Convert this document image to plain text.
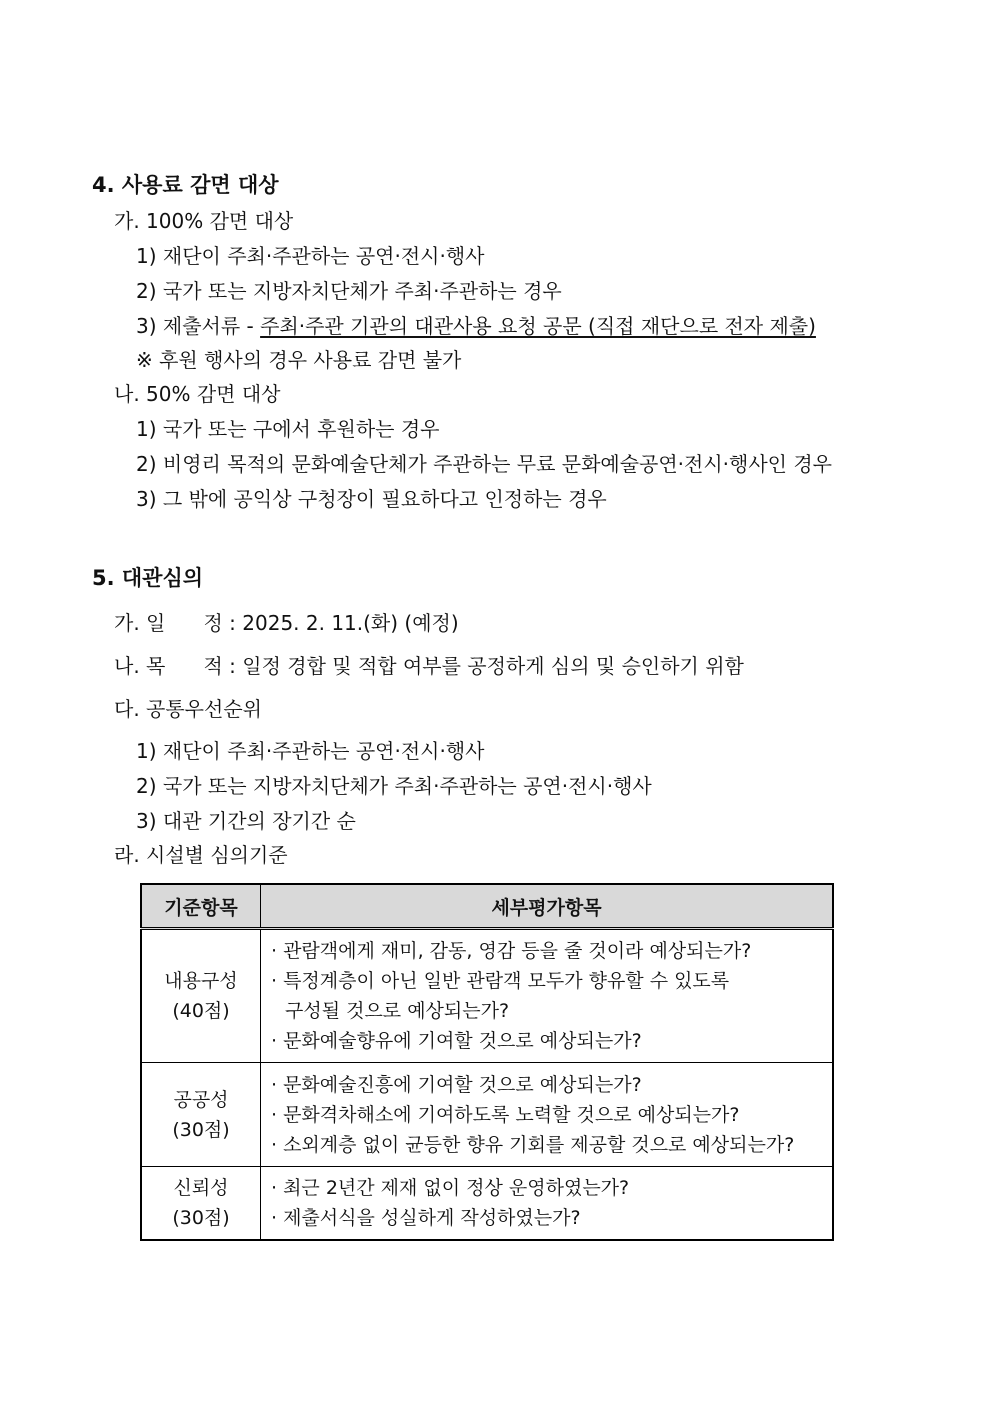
4. 사용료 감면 대상
가. 100% 감면 대상
1) 재단이 주최·주관하는 공연·전시·행사
2) 국가 또는 지방자치단체가 주최·주관하는 경우
3) 제출서류 - 주최·주관 기관의 대관사용 요청 공문 (직접 재단으로 전자 제출)
※ 후원 행사의 경우 사용료 감면 불가
나. 50% 감면 대상
1) 국가 또는 구에서 후원하는 경우
2) 비영리 목적의 문화예술단체가 주관하는 무료 문화예술공연·전시·행사인 경우
3) 그 밖에 공익상 구청장이 필요하다고 인정하는 경우
5. 대관심의
가. 일      정 : 2025. 2. 11.(화) (예정)
나. 목      적 : 일정 경합 및 적합 여부를 공정하게 심의 및 승인하기 위함
다. 공통우선순위
1) 재단이 주최·주관하는 공연·전시·행사
2) 국가 또는 지방자치단체가 주최·주관하는 공연·전시·행사
3) 대관 기간의 장기간 순
라. 시설별 심의기준
기준항목	세부평가항목

내용구성
(40점)	· 관람객에게 재미, 감동, 영감 등을 줄 것이라 예상되는가?
· 특정계층이 아닌 일반 관람객 모두가 향유할 수 있도록
구성될 것으로 예상되는가?
· 문화예술향유에 기여할 것으로 예상되는가?

공공성
(30점)	· 문화예술진흥에 기여할 것으로 예상되는가?
· 문화격차해소에 기여하도록 노력할 것으로 예상되는가?
· 소외계층 없이 균등한 향유 기회를 제공할 것으로 예상되는가?

신뢰성
(30점)	· 최근 2년간 제재 없이 정상 운영하였는가?
· 제출서식을 성실하게 작성하였는가?
